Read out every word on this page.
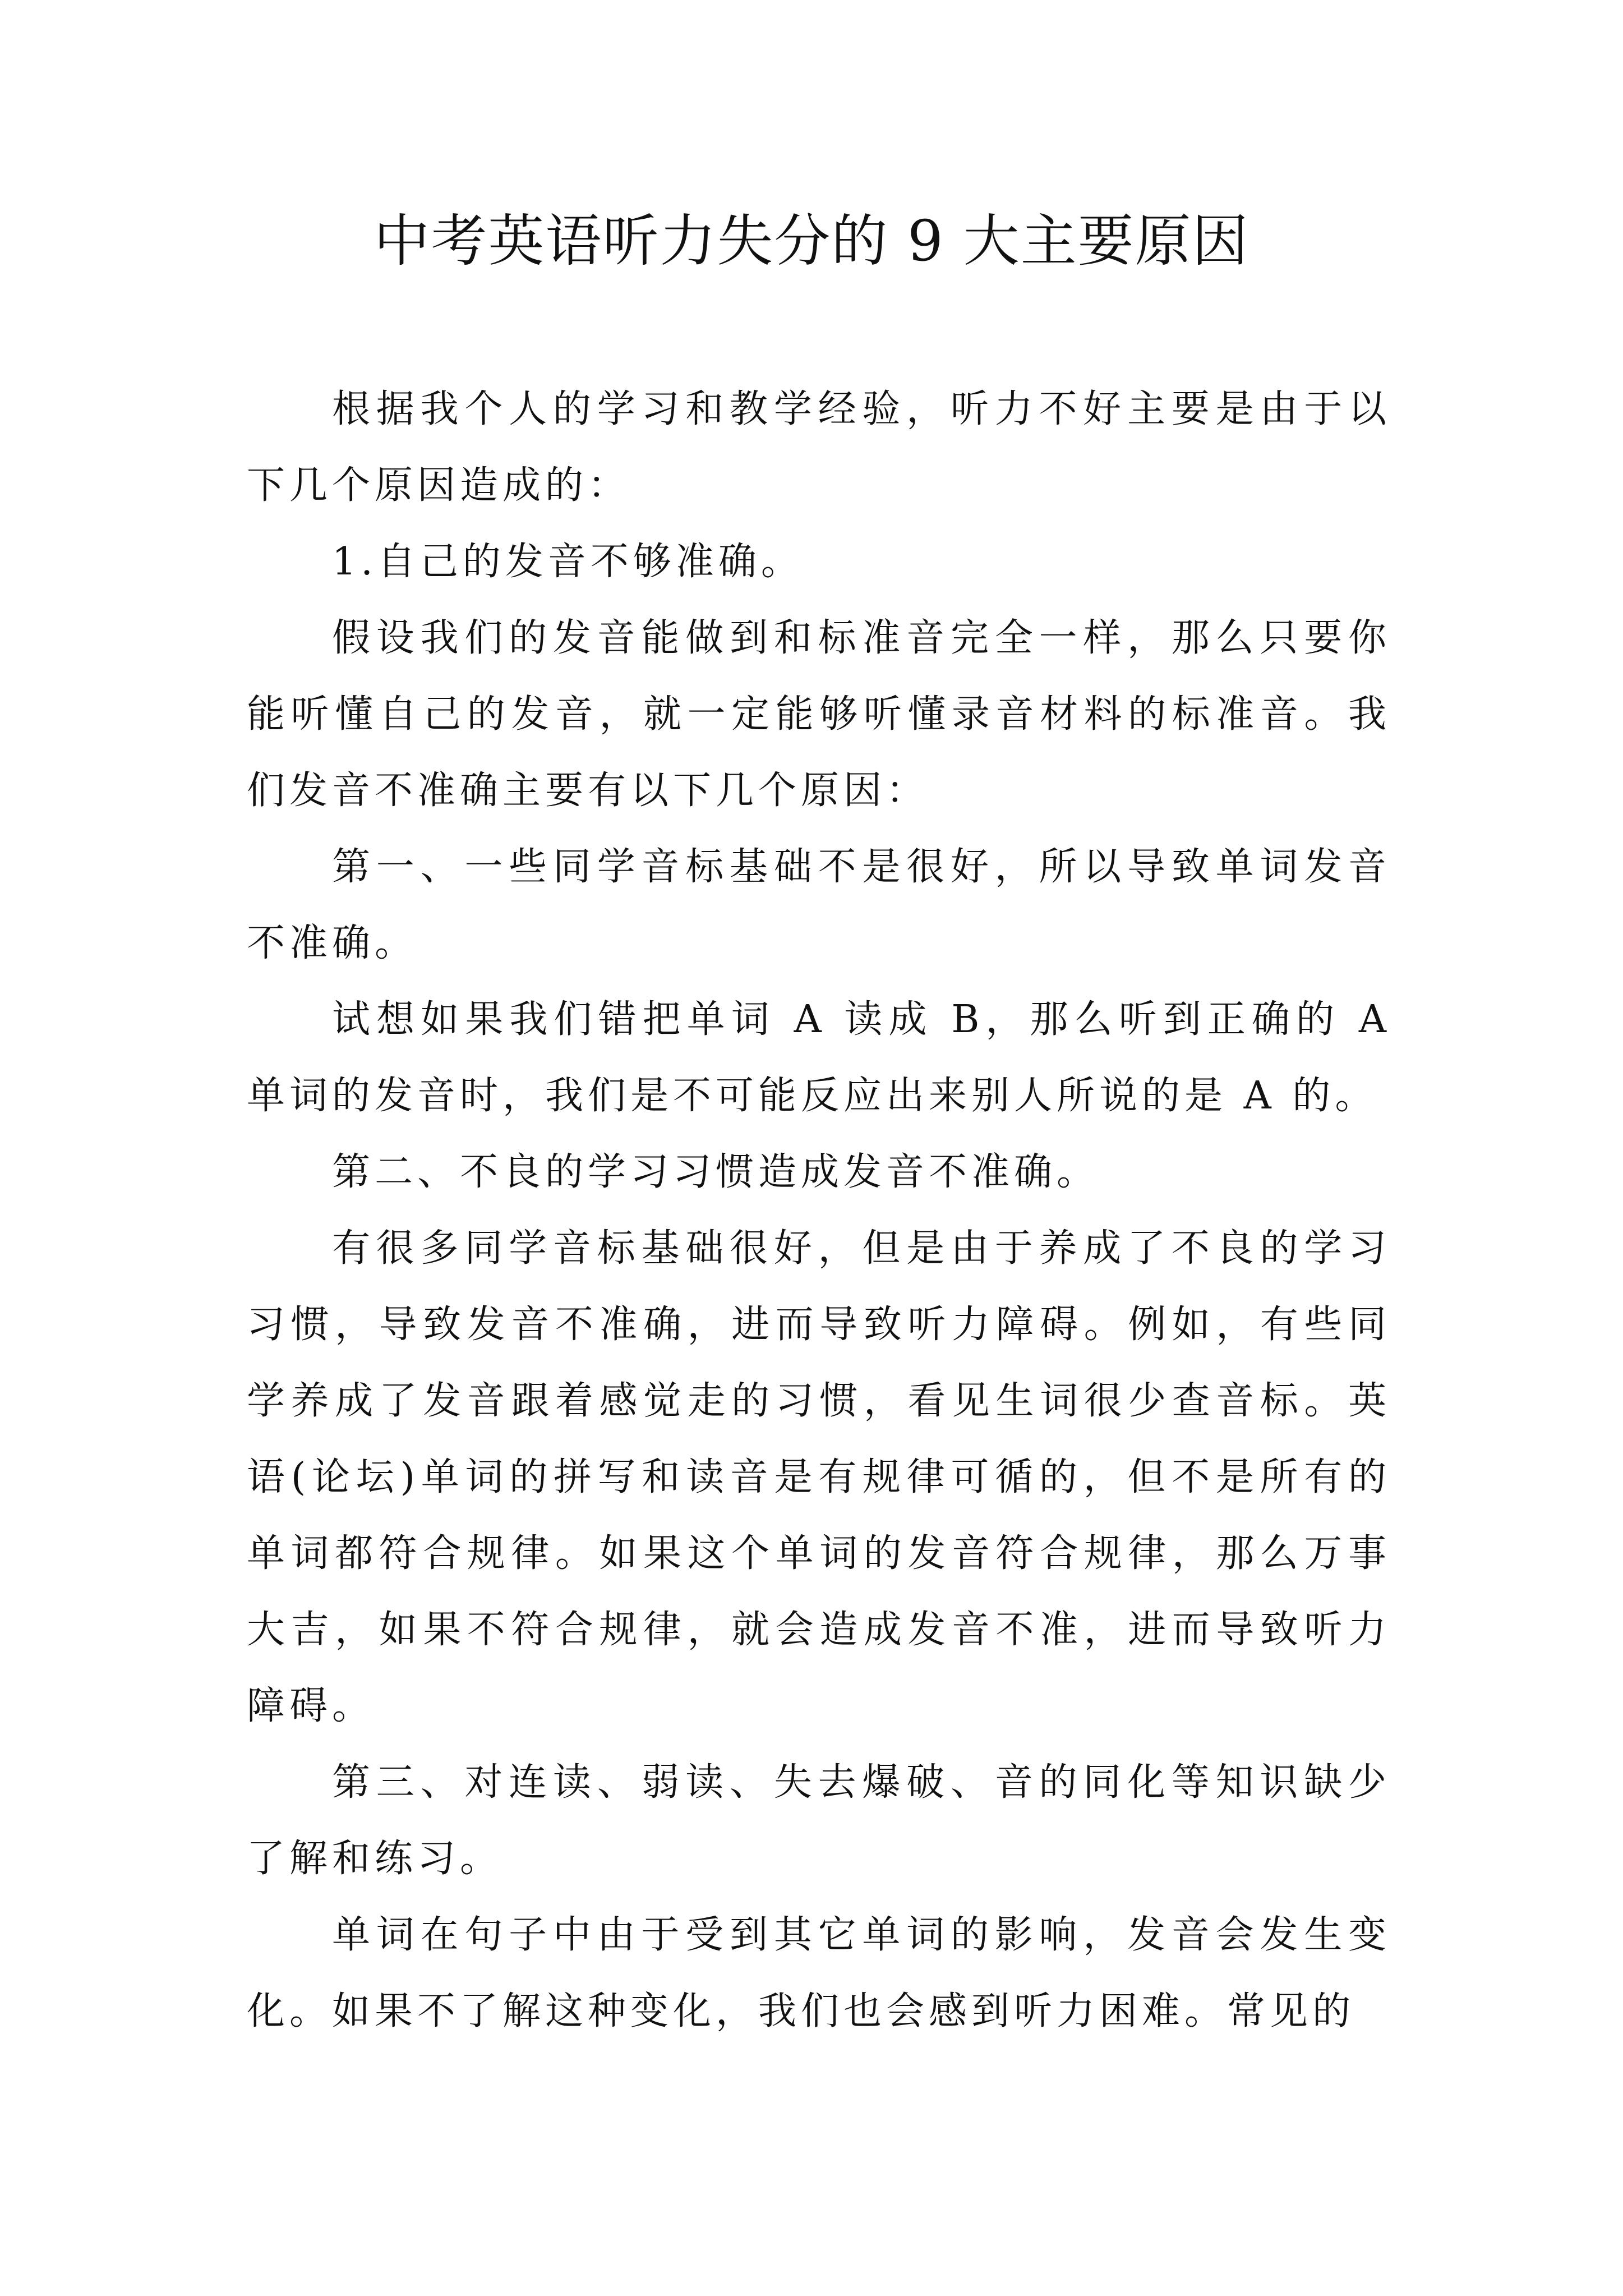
中考英语听力失分的 9 大主要原因

根据我个人的学习和教学经验，听力不好主要是由于以下几个原因造成的：

1.自己的发音不够准确。

假设我们的发音能做到和标准音完全一样，那么只要你能听懂自己的发音，就一定能够听懂录音材料的标准音。我们发音不准确主要有以下几个原因：

第一、一些同学音标基础不是很好，所以导致单词发音不准确。

试想如果我们错把单词 A 读成 B，那么听到正确的 A 单词的发音时，我们是不可能反应出来别人所说的是 A 的。

第二、不良的学习习惯造成发音不准确。

有很多同学音标基础很好，但是由于养成了不良的学习习惯，导致发音不准确，进而导致听力障碍。例如，有些同学养成了发音跟着感觉走的习惯，看见生词很少查音标。英语(论坛)单词的拼写和读音是有规律可循的，但不是所有的单词都符合规律。如果这个单词的发音符合规律，那么万事大吉，如果不符合规律，就会造成发音不准，进而导致听力障碍。

第三、对连读、弱读、失去爆破、音的同化等知识缺少了解和练习。

单词在句子中由于受到其它单词的影响，发音会发生变化。如果不了解这种变化，我们也会感到听力困难。常见的
